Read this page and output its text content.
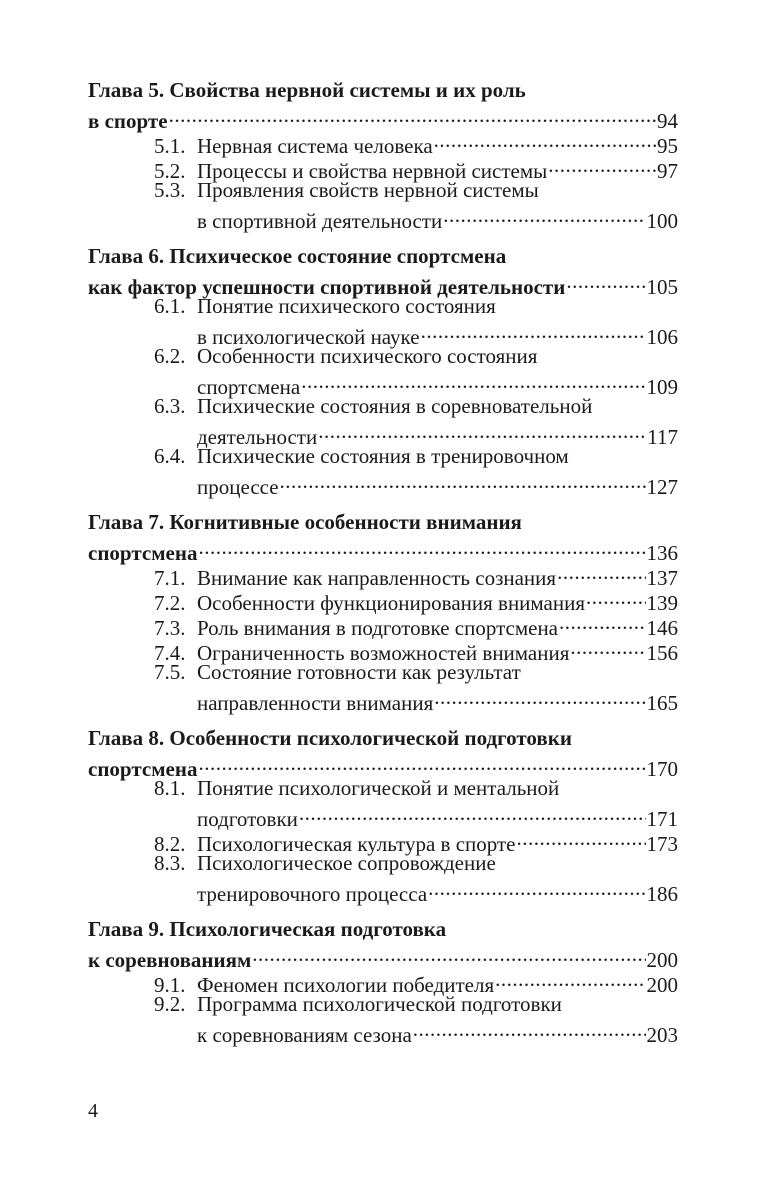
Глава 5. Свойства нервной системы и их роль
в спорте .....	94
5.1. Нервная система человека .....	95
5.2. Процессы и свойства нервной системы .....	97
5.3. Проявления свойств нервной системы
в спортивной деятельности .....	100
Глава 6. Психическое состояние спортсмена
как фактор успешности спортивной деятельности .....	105
6.1. Понятие психического состояния
в психологической науке .....	106
6.2. Особенности психического состояния
спортсмена .....	109
6.3. Психические состояния в соревновательной
деятельности .....	117
6.4. Психические состояния в тренировочном
процессе .....	127
Глава 7. Когнитивные особенности внимания
спортсмена .....	136
7.1. Внимание как направленность сознания .....	137
7.2. Особенности функционирования внимания .....	139
7.3. Роль внимания в подготовке спортсмена .....	146
7.4. Ограниченность возможностей внимания .....	156
7.5. Состояние готовности как результат
направленности внимания .....	165
Глава 8. Особенности психологической подготовки
спортсмена .....	170
8.1. Понятие психологической и ментальной
подготовки .....	171
8.2. Психологическая культура в спорте .....	173
8.3. Психологическое сопровождение
тренировочного процесса .....	186
Глава 9. Психологическая подготовка
к соревнованиям .....	200
9.1. Феномен психологии победителя .....	200
9.2. Программа психологической подготовки
к соревнованиям сезона .....	203
4
